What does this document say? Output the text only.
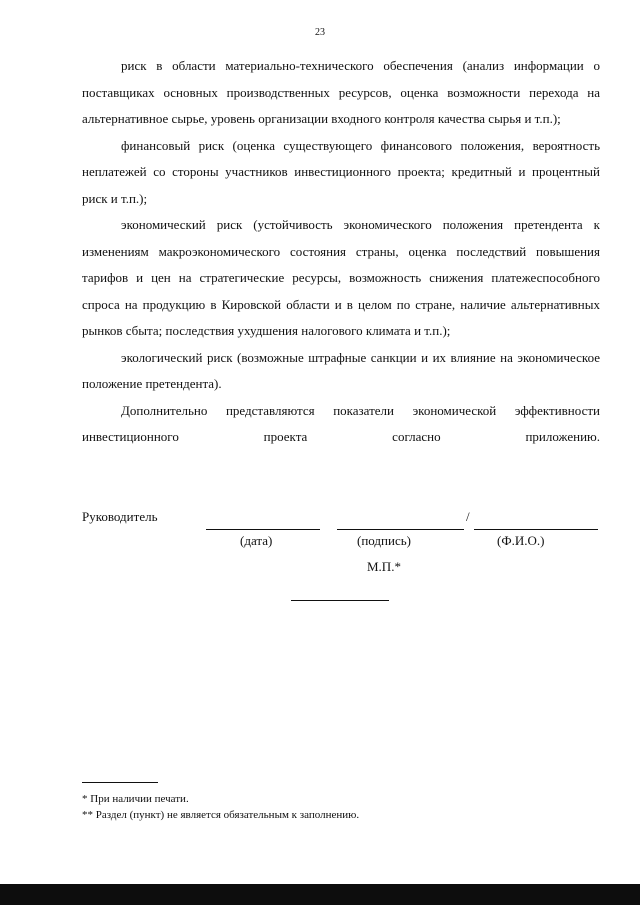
23

риск в области материально-технического обеспечения (анализ информации о поставщиках основных производственных ресурсов, оценка возможности перехода на альтернативное сырье, уровень организации входного контроля качества сырья и т.п.);

финансовый риск (оценка существующего финансового положения, вероятность неплатежей со стороны участников инвестиционного проекта; кредитный и процентный риск и т.п.);

экономический риск (устойчивость экономического положения претендента к изменениям макроэкономического состояния страны, оценка последствий повышения тарифов и цен на стратегические ресурсы, возможность снижения платежеспособного спроса на продукцию в Кировской области и в целом по стране, наличие альтернативных рынков сбыта; последствия ухудшения налогового климата и т.п.);

экологический риск (возможные штрафные санкции и их влияние на экономическое положение претендента).

Дополнительно представляются показатели экономической эффективности инвестиционного проекта согласно приложению.

Руководитель	/
(дата)	(подпись)	(Ф.И.О.)
М.П.*
* При наличии печати.
** Раздел (пункт) не является обязательным к заполнению.
